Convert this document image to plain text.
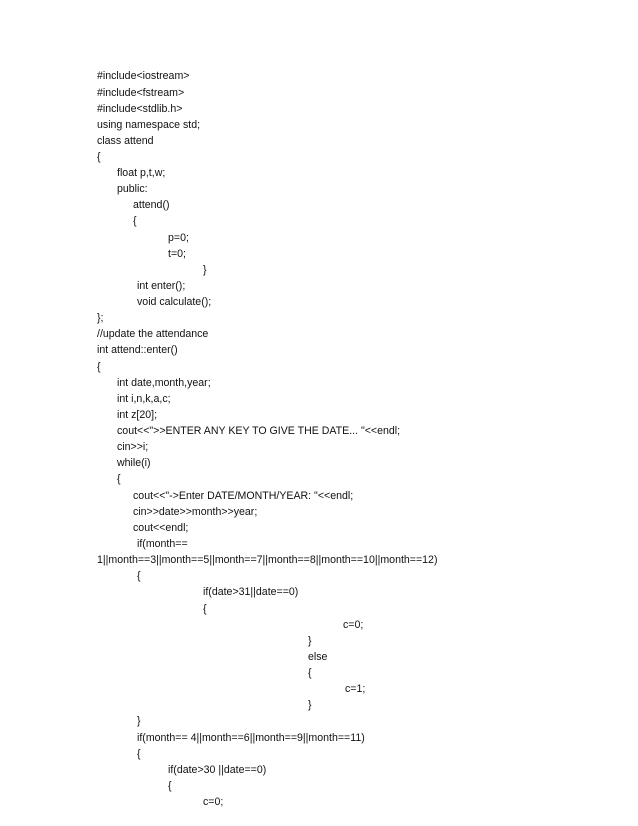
#include<iostream>
#include<fstream>
#include<stdlib.h>
using namespace std;
class attend
{
float p,t,w;
public:
attend()
{
p=0;
t=0;
}
int enter();
void calculate();
};
//update the attendance
int attend::enter()
{
int date,month,year;
int i,n,k,a,c;
int z[20];
cout<<">>ENTER ANY KEY TO GIVE THE DATE... "<<endl;
cin>>i;
while(i)
{
cout<<"->Enter DATE/MONTH/YEAR: "<<endl;
cin>>date>>month>>year;
cout<<endl;
if(month==
1||month==3||month==5||month==7||month==8||month==10||month==12)
{
if(date>31||date==0)
{
c=0;
}
else
{
c=1;
}
}
if(month== 4||month==6||month==9||month==11)
{
if(date>30 ||date==0)
{
c=0;
